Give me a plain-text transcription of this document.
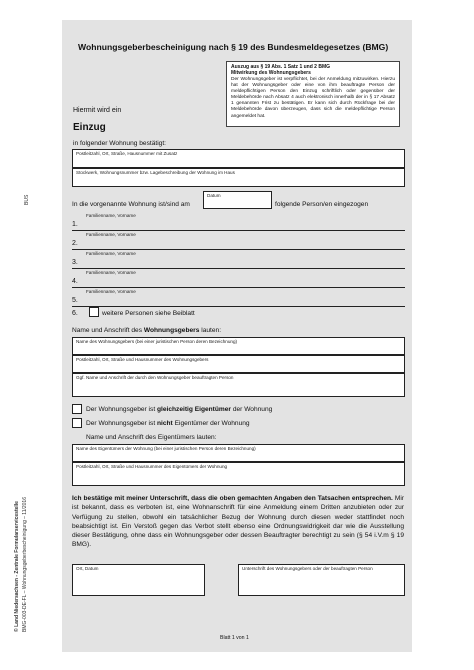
Wohnungsgeberbescheinigung nach § 19 des Bundesmeldegesetzes (BMG)
Auszug aus § 19 Abs. 1 Satz 1 und 2 BMG
Mitwirkung des Wohnungsgebers
Der Wohnungsgeber ist verpflichtet, bei der Anmeldung mitzuwirken. Hierzu hat der Wohnungsgeber oder eine von ihm beauftragte Person der meldepflichtigen Person den Einzug schriftlich oder gegenüber der Meldebehörde nach Absatz 4 auch elektronisch innerhalb der in § 17 Absatz 1 genannten Frist zu bestätigen. Er kann sich durch Rückfrage bei der Meldebehörde davon überzeugen, dass sich die meldepflichtige Person angemeldet hat.
Hiermit wird ein
Einzug
in folgender Wohnung bestätigt:
Postleitzahl, Ort, Straße, Hausnummer mit Zusatz
Stockwerk, Wohnungsnummer bzw. Lagebeschreibung der Wohnung im Haus
In die vorgenannte Wohnung ist/sind am
Datum
folgende Person/en eingezogen
Familienname, Vorname
1.
Familienname, Vorname
2.
Familienname, Vorname
3.
Familienname, Vorname
4.
Familienname, Vorname
5.
6.	weitere Personen siehe Beiblatt
Name und Anschrift des Wohnungsgebers lauten:
Name des Wohnungsgebers (bei einer juristischen Person deren Bezeichnung)
Postleitzahl, Ort, Straße und Hausnummer des Wohnungsgebers
Ggf. Name und Anschrift der durch den Wohnungsgeber beauftragten Person
Der Wohnungsgeber ist gleichzeitig Eigentümer der Wohnung
Der Wohnungsgeber ist nicht Eigentümer der Wohnung
Name und Anschrift des Eigentümers lauten:
Name des Eigentümers der Wohnung (bei einer juristischen Person deren Bezeichnung)
Postleitzahl, Ort, Straße und Hausnummer des Eigentümers der Wohnung
Ich bestätige mit meiner Unterschrift, dass die oben gemachten Angaben den Tatsachen entsprechen. Mir ist bekannt, dass es verboten ist, eine Wohnanschrift für eine Anmeldung einem Dritten anzubieten oder zur Verfügung zu stellen, obwohl ein tatsächlicher Bezug der Wohnung durch diesen weder stattfindet noch beabsichtigt ist. Ein Verstoß gegen das Verbot stellt ebenso eine Ordnungswidrigkeit dar wie die Ausstellung dieser Bestätigung, ohne dass ein Wohnungsgeber oder dessen Beauftragter berechtigt zu sein (§ 54 i.V.m § 19 BMG).
Ort, Datum	Unterschrift des Wohnungsgebers oder der beauftragten Person
Blatt 1 von 1
BUS
© Land Niedersachsen - Zentrale Formularservicestelle BMG-003-DE-FL – Wohnungsgeberbescheinigung – 11/2016
